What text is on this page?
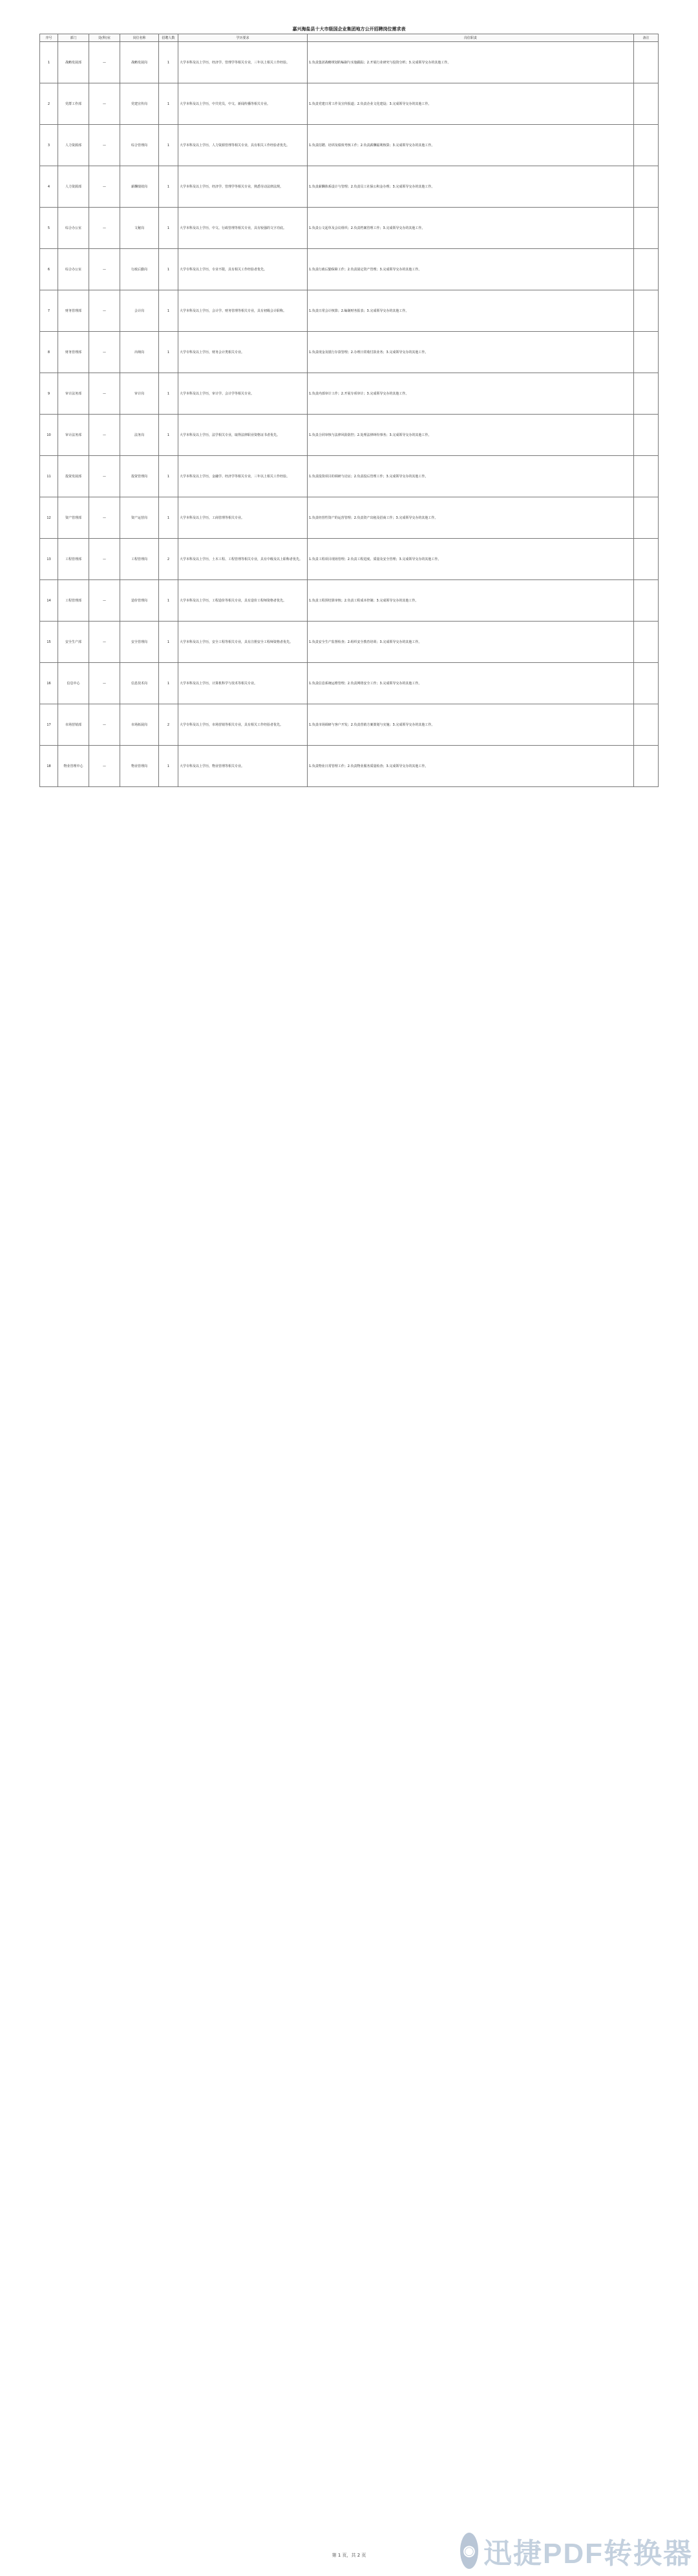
嘉兴海盐县十大市级国企业集团地方公开招聘岗位需求表
序号	部门	处(科)室	岗位名称	招聘人数	学历要求	岗位职责	备注
1	战略发展部	—	战略发展岗	1	大学本科及以上学历，经济学、管理学等相关专业，三年以上相关工作经验。	1.负责集团战略规划的编制与实施跟踪；2.开展行业研究与投资分析；3.完成领导交办的其他工作。	
2	党群工作部	—	党建宣传岗	1	大学本科及以上学历，中共党员，中文、新闻传播等相关专业。	1.负责党建日常工作及宣传报道；2.负责企业文化建设；3.完成领导交办的其他工作。	
3	人力资源部	—	综合管理岗	1	大学本科及以上学历，人力资源管理等相关专业，具有相关工作经验者优先。	1.负责招聘、培训及绩效考核工作；2.负责薪酬福利核算；3.完成领导交办的其他工作。	
4	人力资源部	—	薪酬绩效岗	1	大学本科及以上学历，经济学、管理学等相关专业，熟悉劳动法律法规。	1.负责薪酬体系设计与管理；2.负责员工社保公积金办理；3.完成领导交办的其他工作。	
5	综合办公室	—	文秘岗	1	大学本科及以上学历，中文、行政管理等相关专业，具有较强的文字功底。	1.负责公文起草及会议组织；2.负责档案管理工作；3.完成领导交办的其他工作。	
6	综合办公室	—	行政后勤岗	1	大学专科及以上学历，专业不限，具有相关工作经验者优先。	1.负责行政后勤保障工作；2.负责固定资产管理；3.完成领导交办的其他工作。	
7	财务管理部	—	会计岗	1	大学本科及以上学历，会计学、财务管理等相关专业，具有初级会计职称。	1.负责日常会计核算；2.编制财务报表；3.完成领导交办的其他工作。	
8	财务管理部	—	出纳岗	1	大学专科及以上学历，财务会计类相关专业。	1.负责现金及银行存款管理；2.办理日常收付款业务；3.完成领导交办的其他工作。	
9	审计法务部	—	审计岗	1	大学本科及以上学历，审计学、会计学等相关专业。	1.负责内部审计工作；2.开展专项审计；3.完成领导交办的其他工作。	
10	审计法务部	—	法务岗	1	大学本科及以上学历，法学相关专业，取得法律职业资格证书者优先。	1.负责合同审核与法律风险防控；2.处理法律纠纷事务；3.完成领导交办的其他工作。	
11	投资发展部	—	投资管理岗	1	大学本科及以上学历，金融学、经济学等相关专业，三年以上相关工作经验。	1.负责投资项目的调研与论证；2.负责投后管理工作；3.完成领导交办的其他工作。	
12	资产管理部	—	资产运营岗	1	大学本科及以上学历，工商管理等相关专业。	1.负责经营性资产的运营管理；2.负责资产出租及招商工作；3.完成领导交办的其他工作。	
13	工程管理部	—	工程管理岗	2	大学本科及以上学历，土木工程、工程管理等相关专业，具有中级及以上职称者优先。	1.负责工程项目现场管理；2.负责工程进度、质量及安全管理；3.完成领导交办的其他工作。	
14	工程管理部	—	造价管理岗	1	大学本科及以上学历，工程造价等相关专业，具有造价工程师资格者优先。	1.负责工程预结算审核；2.负责工程成本控制；3.完成领导交办的其他工作。	
15	安全生产部	—	安全管理岗	1	大学本科及以上学历，安全工程等相关专业，具有注册安全工程师资格者优先。	1.负责安全生产监督检查；2.组织安全教育培训；3.完成领导交办的其他工作。	
16	信息中心	—	信息技术岗	1	大学本科及以上学历，计算机科学与技术等相关专业。	1.负责信息系统运维管理；2.负责网络安全工作；3.完成领导交办的其他工作。	
17	市场营销部	—	市场拓展岗	2	大学专科及以上学历，市场营销等相关专业，具有相关工作经验者优先。	1.负责市场调研与客户开发；2.负责营销方案策划与实施；3.完成领导交办的其他工作。	
18	物业管理中心	—	物业管理岗	1	大学专科及以上学历，物业管理等相关专业。	1.负责物业日常管理工作；2.负责物业服务质量检查；3.完成领导交办的其他工作。	
第 1 页，共 2 页	◉ 迅捷PDF转换器
